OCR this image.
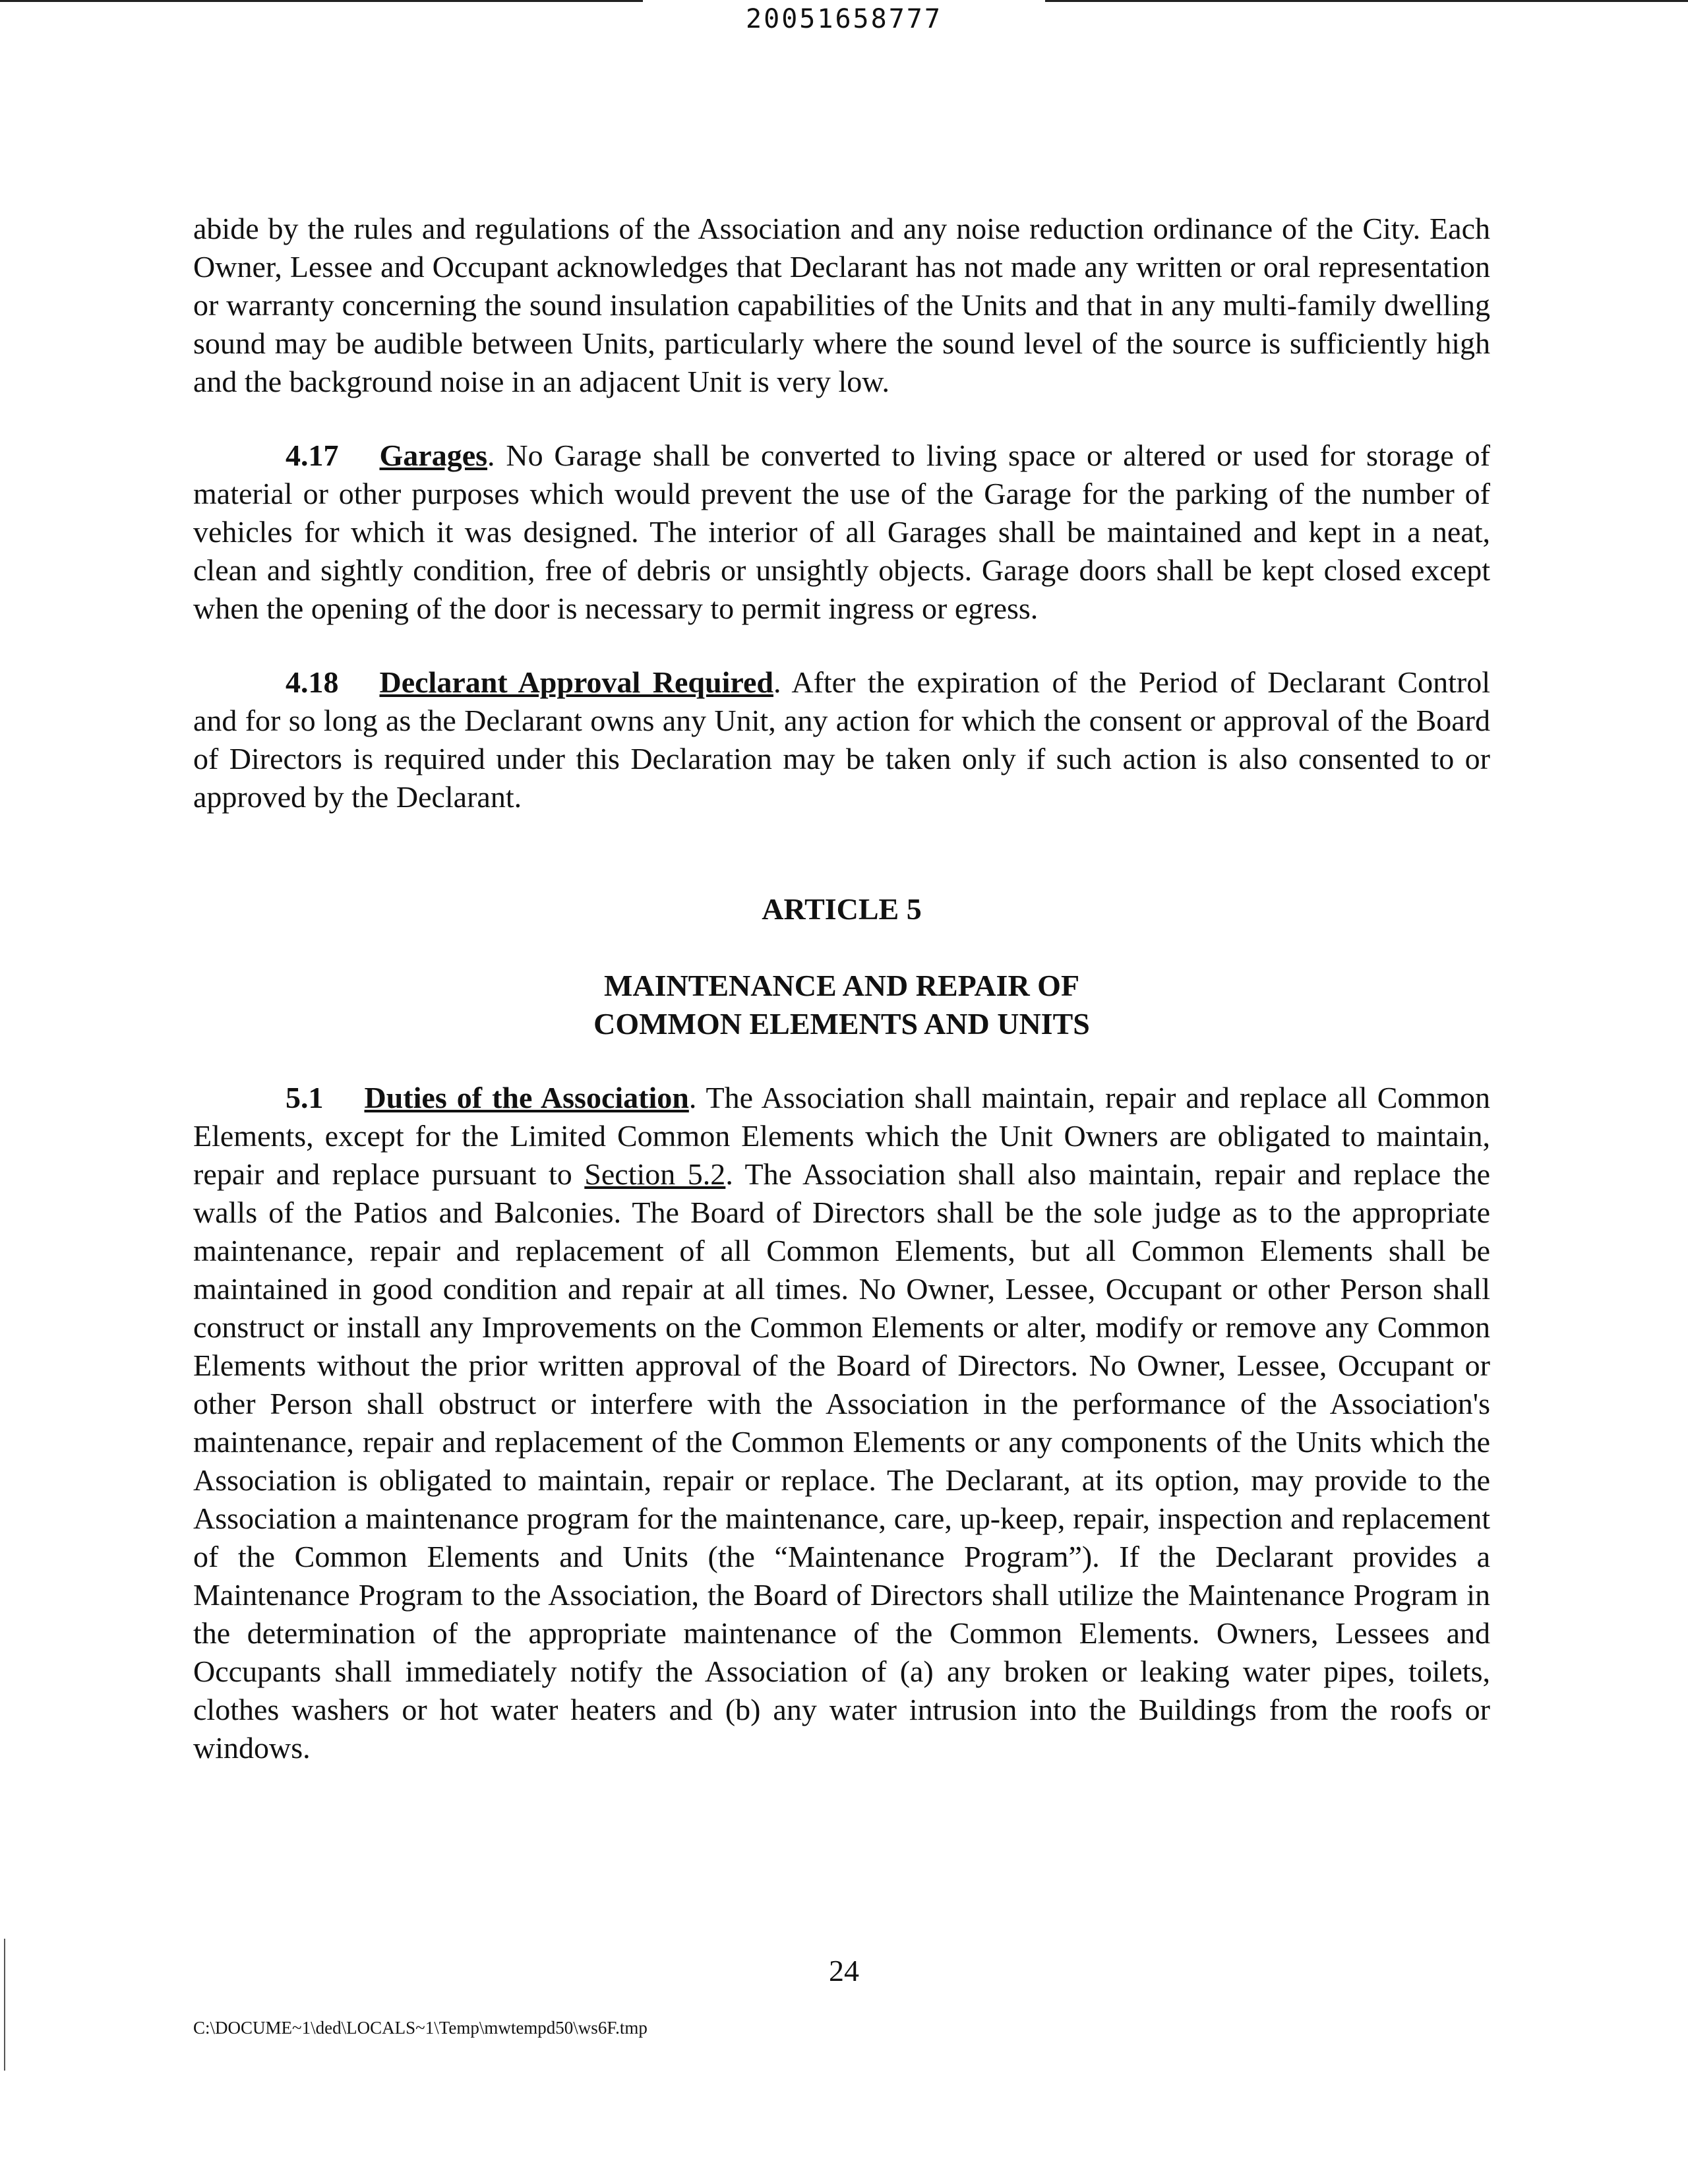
20051658777

abide by the rules and regulations of the Association and any noise reduction ordinance of the City. Each Owner, Lessee and Occupant acknowledges that Declarant has not made any written or oral representation or warranty concerning the sound insulation capabilities of the Units and that in any multi-family dwelling sound may be audible between Units, particularly where the sound level of the source is sufficiently high and the background noise in an adjacent Unit is very low.

4.17 Garages. No Garage shall be converted to living space or altered or used for storage of material or other purposes which would prevent the use of the Garage for the parking of the number of vehicles for which it was designed. The interior of all Garages shall be maintained and kept in a neat, clean and sightly condition, free of debris or unsightly objects. Garage doors shall be kept closed except when the opening of the door is necessary to permit ingress or egress.

4.18 Declarant Approval Required. After the expiration of the Period of Declarant Control and for so long as the Declarant owns any Unit, any action for which the consent or approval of the Board of Directors is required under this Declaration may be taken only if such action is also consented to or approved by the Declarant.

ARTICLE 5
MAINTENANCE AND REPAIR OF
COMMON ELEMENTS AND UNITS

5.1 Duties of the Association. The Association shall maintain, repair and replace all Common Elements, except for the Limited Common Elements which the Unit Owners are obligated to maintain, repair and replace pursuant to Section 5.2. The Association shall also maintain, repair and replace the walls of the Patios and Balconies. The Board of Directors shall be the sole judge as to the appropriate maintenance, repair and replacement of all Common Elements, but all Common Elements shall be maintained in good condition and repair at all times. No Owner, Lessee, Occupant or other Person shall construct or install any Improvements on the Common Elements or alter, modify or remove any Common Elements without the prior written approval of the Board of Directors. No Owner, Lessee, Occupant or other Person shall obstruct or interfere with the Association in the performance of the Association's maintenance, repair and replacement of the Common Elements or any components of the Units which the Association is obligated to maintain, repair or replace. The Declarant, at its option, may provide to the Association a maintenance program for the maintenance, care, up-keep, repair, inspection and replacement of the Common Elements and Units (the “Maintenance Program”). If the Declarant provides a Maintenance Program to the Association, the Board of Directors shall utilize the Maintenance Program in the determination of the appropriate maintenance of the Common Elements. Owners, Lessees and Occupants shall immediately notify the Association of (a) any broken or leaking water pipes, toilets, clothes washers or hot water heaters and (b) any water intrusion into the Buildings from the roofs or windows.

24
C:\DOCUME~1\ded\LOCALS~1\Temp\mwtempd50\ws6F.tmp
